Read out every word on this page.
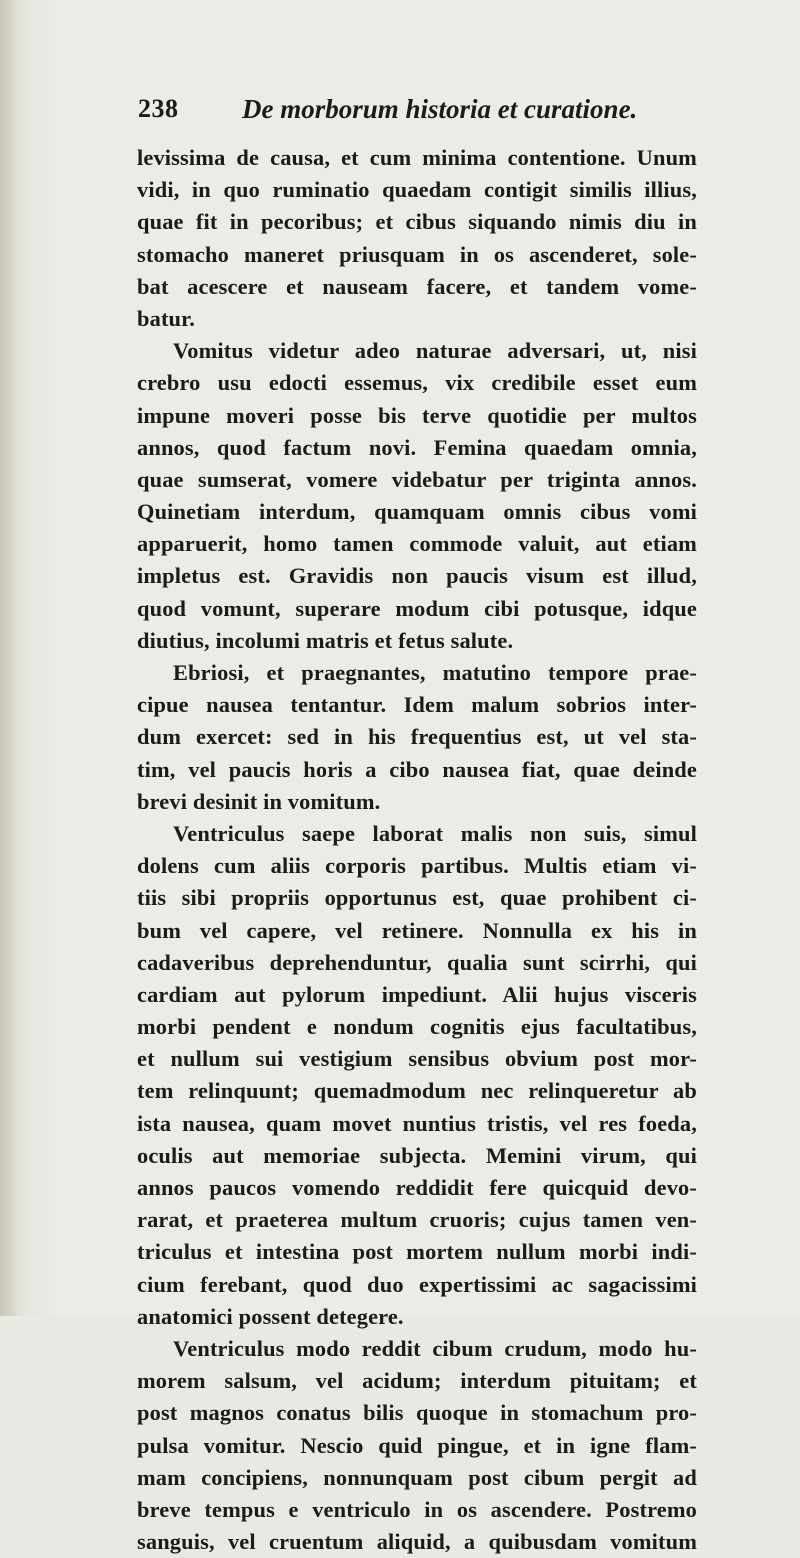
238 De morborum historia et curatione.
levissima de causa, et cum minima contentione. Unum
vidi, in quo ruminatio quaedam contigit similis illius,
quae fit in pecoribus; et cibus siquando nimis diu in
stomacho maneret priusquam in os ascenderet, sole-
bat acescere et nauseam facere, et tandem vome-
batur.
Vomitus videtur adeo naturae adversari, ut, nisi
crebro usu edocti essemus, vix credibile esset eum
impune moveri posse bis terve quotidie per multos
annos, quod factum novi. Femina quaedam omnia,
quae sumserat, vomere videbatur per triginta annos.
Quinetiam interdum, quamquam omnis cibus vomi
apparuerit, homo tamen commode valuit, aut etiam
impletus est. Gravidis non paucis visum est illud,
quod vomunt, superare modum cibi potusque, idque
diutius, incolumi matris et fetus salute.
Ebriosi, et praegnantes, matutino tempore prae-
cipue nausea tentantur. Idem malum sobrios inter-
dum exercet: sed in his frequentius est, ut vel sta-
tim, vel paucis horis a cibo nausea fiat, quae deinde
brevi desinit in vomitum.
Ventriculus saepe laborat malis non suis, simul
dolens cum aliis corporis partibus. Multis etiam vi-
tiis sibi propriis opportunus est, quae prohibent ci-
bum vel capere, vel retinere. Nonnulla ex his in
cadaveribus deprehenduntur, qualia sunt scirrhi, qui
cardiam aut pylorum impediunt. Alii hujus visceris
morbi pendent e nondum cognitis ejus facultatibus,
et nullum sui vestigium sensibus obvium post mor-
tem relinquunt; quemadmodum nec relinqueretur ab
ista nausea, quam movet nuntius tristis, vel res foeda,
oculis aut memoriae subjecta. Memini virum, qui
annos paucos vomendo reddidit fere quicquid devo-
rarat, et praeterea multum cruoris; cujus tamen ven-
triculus et intestina post mortem nullum morbi indi-
cium ferebant, quod duo expertissimi ac sagacissimi
anatomici possent detegere.
Ventriculus modo reddit cibum crudum, modo hu-
morem salsum, vel acidum; interdum pituitam; et
post magnos conatus bilis quoque in stomachum pro-
pulsa vomitur. Nescio quid pingue, et in igne flam-
mam concipiens, nonnunquam post cibum pergit ad
breve tempus e ventriculo in os ascendere. Postremo
sanguis, vel cruentum aliquid, a quibusdam vomitum
